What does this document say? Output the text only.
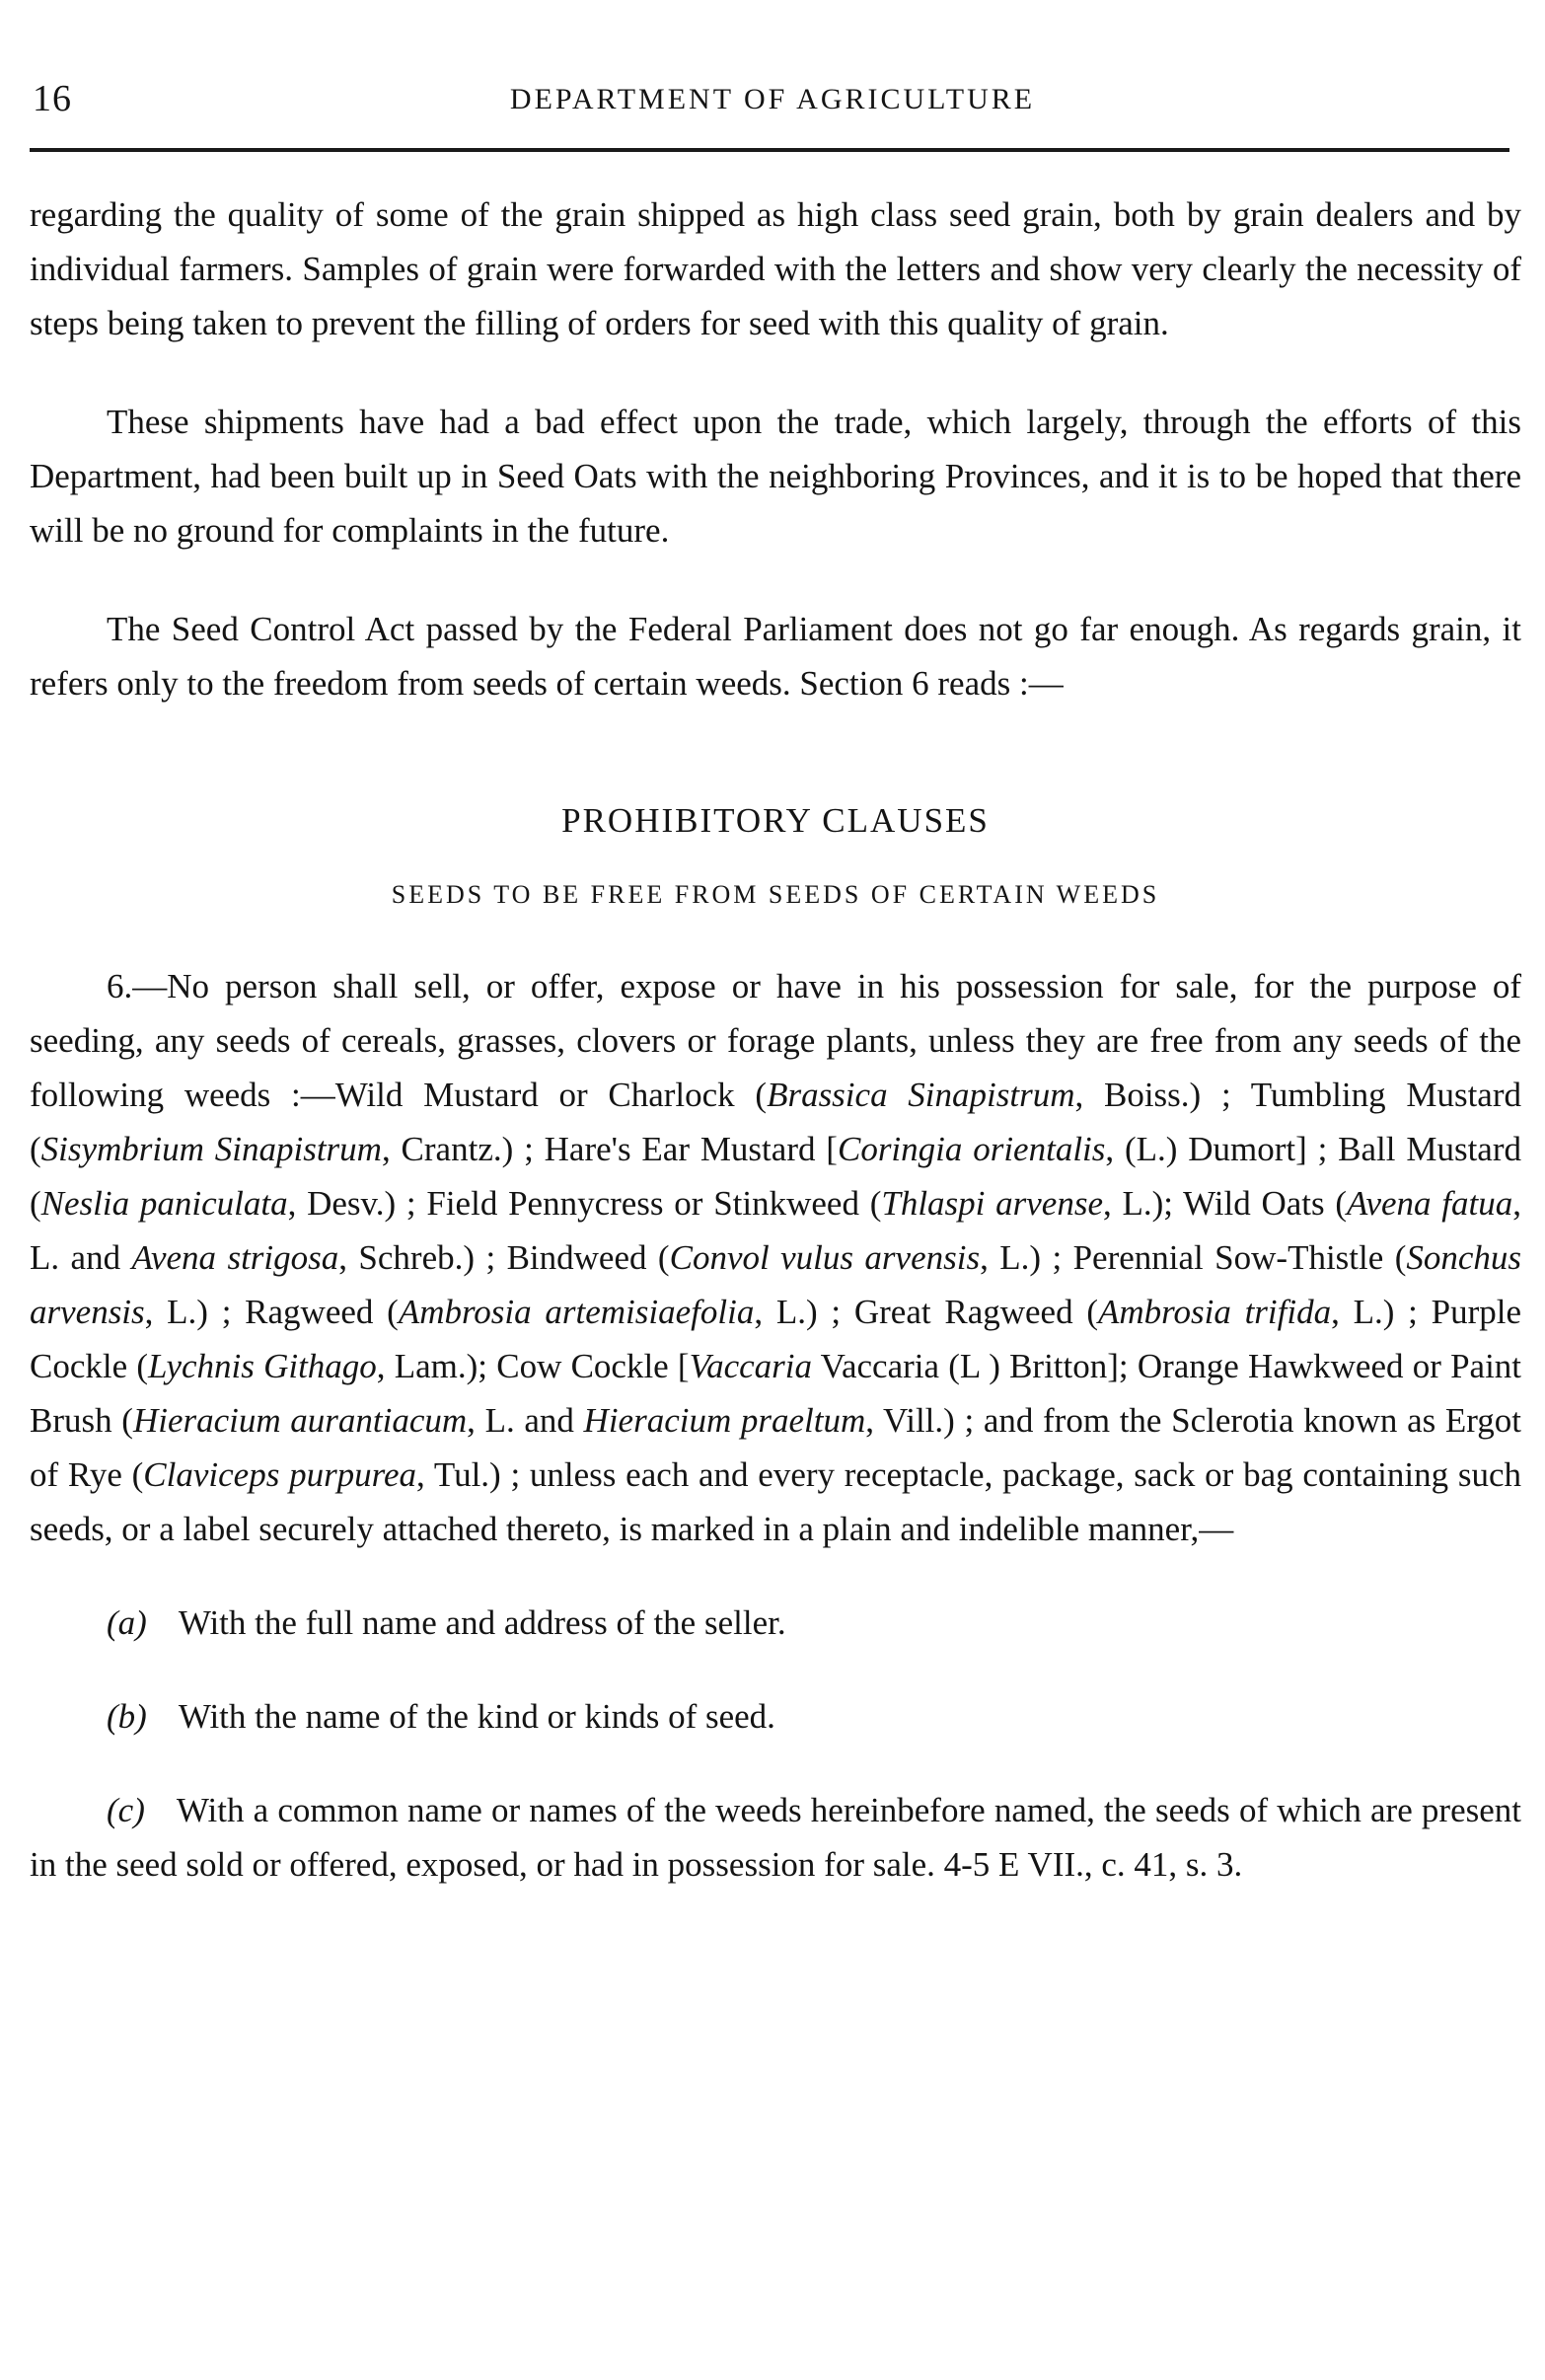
16	DEPARTMENT OF AGRICULTURE

regarding the quality of some of the grain shipped as high class seed grain, both by grain dealers and by individual farmers. Samples of grain were forwarded with the letters and show very clearly the necessity of steps being taken to prevent the filling of orders for seed with this quality of grain.

These shipments have had a bad effect upon the trade, which largely, through the efforts of this Department, had been built up in Seed Oats with the neighboring Provinces, and it is to be hoped that there will be no ground for complaints in the future.

The Seed Control Act passed by the Federal Parliament does not go far enough. As regards grain, it refers only to the freedom from seeds of certain weeds. Section 6 reads :—

PROHIBITORY CLAUSES
SEEDS TO BE FREE FROM SEEDS OF CERTAIN WEEDS

6.—No person shall sell, or offer, expose or have in his possession for sale, for the purpose of seeding, any seeds of cereals, grasses, clovers or forage plants, unless they are free from any seeds of the following weeds :—Wild Mustard or Charlock (Brassica Sinapistrum, Boiss.) ; Tumbling Mustard (Sisymbrium Sinapistrum, Crantz.) ; Hare's Ear Mustard [Coringia orientalis, (L.) Dumort] ; Ball Mustard (Neslia paniculata, Desv.) ; Field Pennycress or Stinkweed (Thlaspi arvense, L.); Wild Oats (Avena fatua, L. and Avena strigosa, Schreb.) ; Bindweed (Convol vulus arvensis, L.) ; Perennial Sow-Thistle (Sonchus arvensis, L.) ; Ragweed (Ambrosia artemisiaefolia, L.) ; Great Ragweed (Ambrosia trifida, L.) ; Purple Cockle (Lychnis Githago, Lam.); Cow Cockle [Vaccaria Vaccaria (L ) Britton]; Orange Hawkweed or Paint Brush (Hieracium aurantiacum, L. and Hieracium praeltum, Vill.) ; and from the Sclerotia known as Ergot of Rye (Claviceps purpurea, Tul.) ; unless each and every receptacle, package, sack or bag containing such seeds, or a label securely attached thereto, is marked in a plain and indelible manner,—

(a) With the full name and address of the seller.

(b) With the name of the kind or kinds of seed.

(c) With a common name or names of the weeds hereinbefore named, the seeds of which are present in the seed sold or offered, exposed, or had in possession for sale. 4-5 E VII., c. 41, s. 3.
